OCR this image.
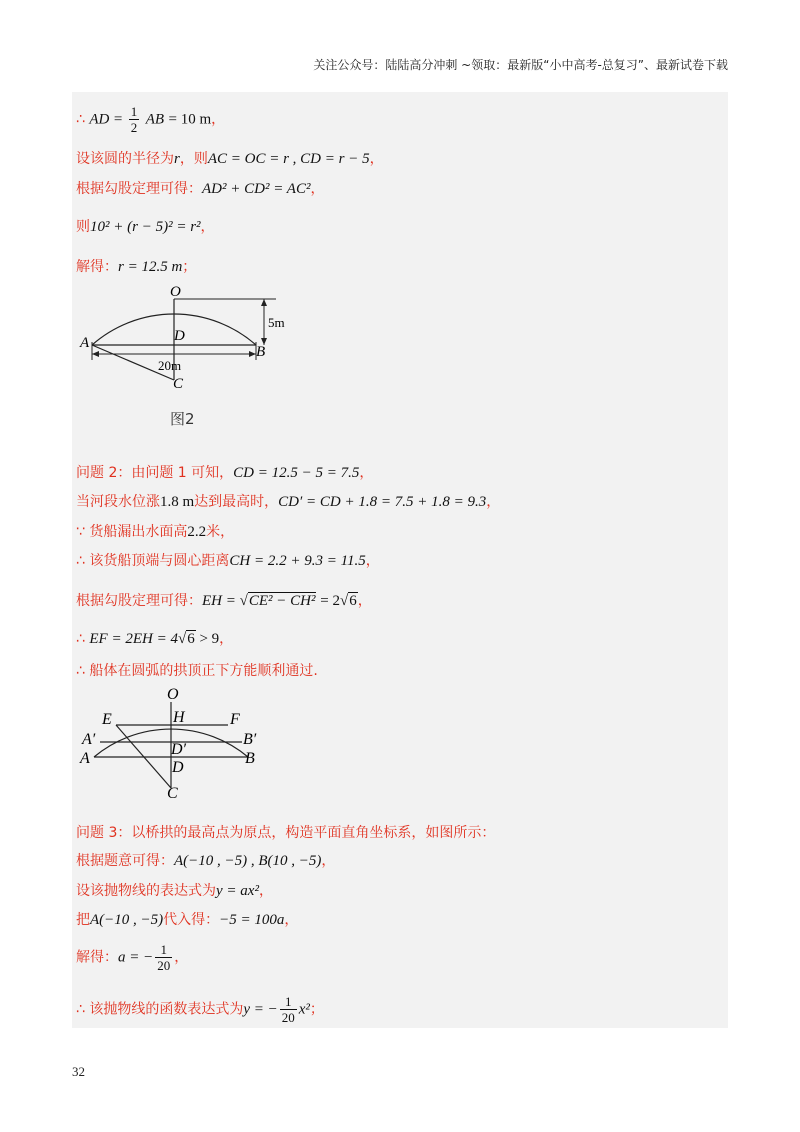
关注公众号：陆陆高分冲刺 ~领取：最新版“小中高考-总复习”、最新试卷下载
∴ AD = $\frac{1}{2}$ AB = 10 m，
设该圆的半径为r，则AC = OC = r , CD = r − 5，
根据勾股定理可得：AD² + CD² = AC²，
则10² + (r − 5)² = r²，
解得：r = 12.5 m；
O
A
B
D
C
5m
20m
图2
问题 2：由问题 1 可知，CD = 12.5 − 5 = 7.5，
当河段水位涨1.8 m达到最高时，CD′ = CD + 1.8 = 7.5 + 1.8 = 9.3，
∵ 货船漏出水面高2.2米，
∴ 该货船顶端与圆心距离CH = 2.2 + 9.3 = 11.5，
根据勾股定理可得：EH = √CE² − CH² = 2√6，
∴ EF = 2EH = 4√6 > 9，
∴ 船体在圆弧的拱顶正下方能顺利通过.
O
E	F
H
A′	B′
D′
A	B
D
C
问题 3：以桥拱的最高点为原点，构造平面直角坐标系，如图所示：
根据题意可得：A(−10 , −5) , B(10 , −5)，
设该抛物线的表达式为y = ax²，
把A(−10 , −5)代入得：−5 = 100a，
解得：a = − $\frac{1}{20}$ ，
∴ 该抛物线的函数表达式为y = − $\frac{1}{20} x^2$；
32
